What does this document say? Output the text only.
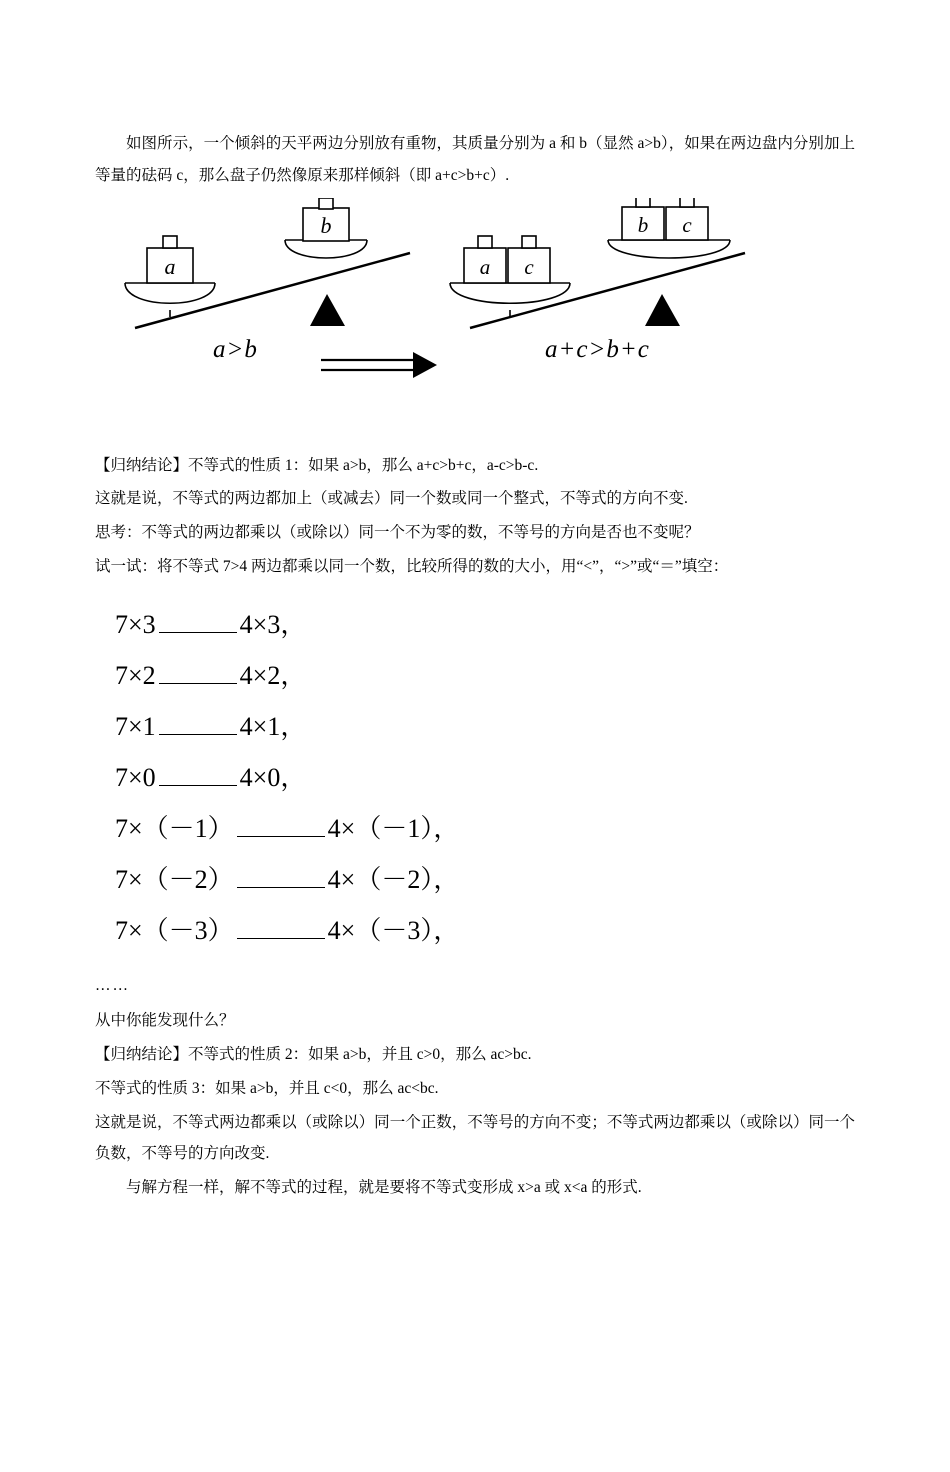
如图所示，一个倾斜的天平两边分别放有重物，其质量分别为 a 和 b（显然 a>b），如果在两边盘内分别加上等量的砝码 c，那么盘子仍然像原来那样倾斜（即 a+c>b+c）.

a
b
a c
b c
a>b	a+c>b+c

【归纳结论】不等式的性质 1：如果 a>b，那么 a+c>b+c，a-c>b-c.

这就是说，不等式的两边都加上（或减去）同一个数或同一个整式，不等式的方向不变.

思考：不等式的两边都乘以（或除以）同一个不为零的数，不等号的方向是否也不变呢？

试一试：将不等式 7>4 两边都乘以同一个数，比较所得的数的大小，用“<”，“>”或“＝”填空：

7×3	4×3，
7×2	4×2，
7×1	4×1，
7×0	4×0，
7×（－1）	4×（－1），
7×（－2）	4×（－2），
7×（－3）	4×（－3），

……

从中你能发现什么？

【归纳结论】不等式的性质 2：如果 a>b，并且 c>0，那么 ac>bc.

不等式的性质 3：如果 a>b，并且 c<0，那么 ac<bc.

这就是说，不等式两边都乘以（或除以）同一个正数，不等号的方向不变；不等式两边都乘以（或除以）同一个负数，不等号的方向改变.

与解方程一样，解不等式的过程，就是要将不等式变形成 x>a 或 x<a 的形式.
